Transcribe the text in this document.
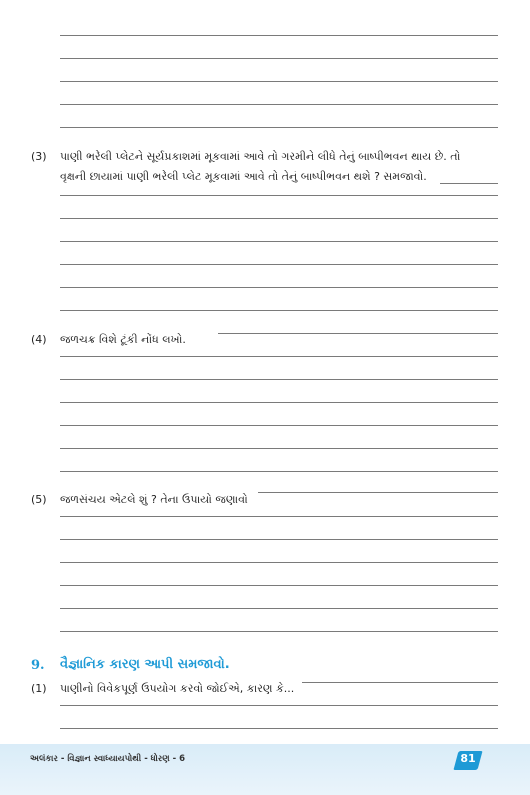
(3) પાણી ભરેલી પ્લેટને સૂર્યપ્રકાશમાં મૂકવામાં આવે તો ગરમીને લીધે તેનું બાષ્પીભવન થાય છે. તો
વૃક્ષની છાયામાં પાણી ભરેલી પ્લેટ મૂકવામાં આવે તો તેનું બાષ્પીભવન થશે ? સમજાવો.
(4) જળચક્ર વિશે ટૂંકી નોંધ લખો.
(5) જળસંચય એટલે શું ? તેના ઉપાયો જણાવો
9. વૈજ્ઞાનિક કારણ આપી સમજાવો.
(1) પાણીનો વિવેકપૂર્ણ ઉપયોગ કરવો જોઈએ, કારણ કે...
અલંકાર - વિજ્ઞાન સ્વાધ્યાયપોથી - ધોરણ - 6	81
